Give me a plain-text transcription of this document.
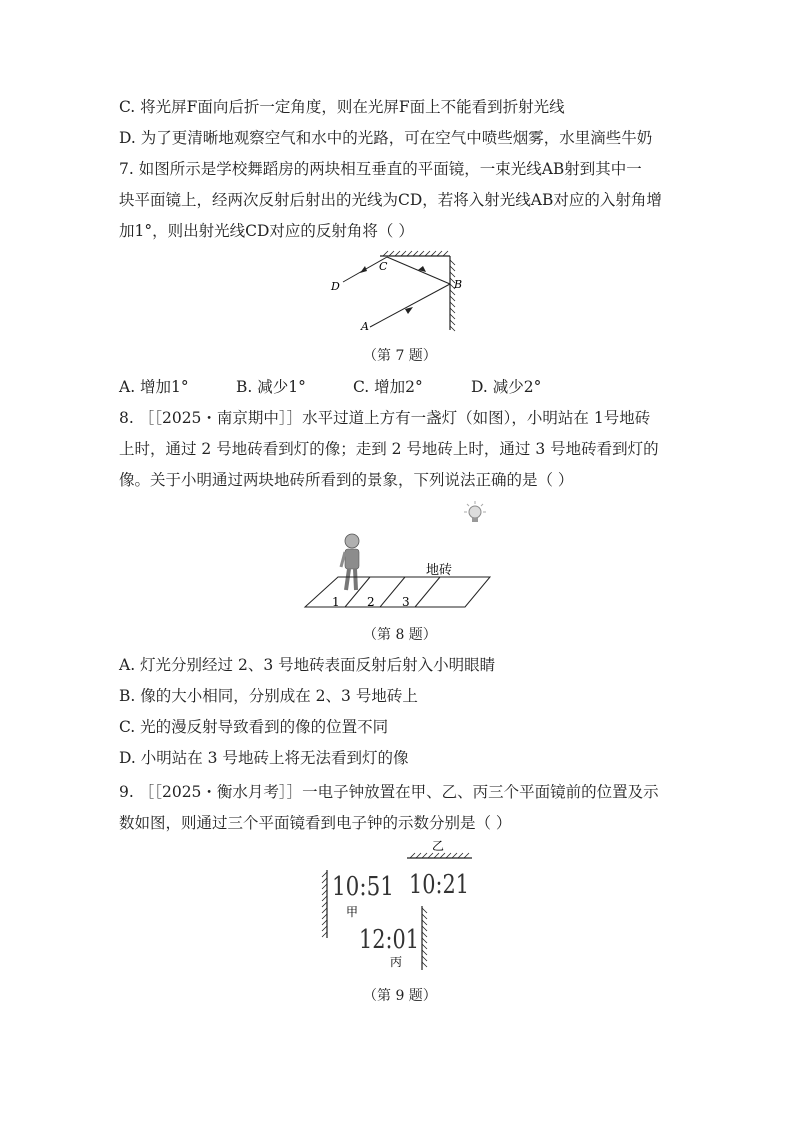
C. 将光屏F面向后折一定角度，则在光屏F面上不能看到折射光线
D. 为了更清晰地观察空气和水中的光路，可在空气中喷些烟雾，水里滴些牛奶
7. 如图所示是学校舞蹈房的两块相互垂直的平面镜，一束光线AB射到其中一
块平面镜上，经两次反射后射出的光线为CD，若将入射光线AB对应的入射角增
加1°，则出射光线CD对应的反射角将（ ）
A
B
C
D
（第 7 题）
A. 增加1°	B. 减少1°	C. 增加2°	D. 减少2°
8. ［［2025・南京期中］］水平过道上方有一盏灯（如图），小明站在 1号地砖
上时，通过 2 号地砖看到灯的像；走到 2 号地砖上时，通过 3 号地砖看到灯的
像。关于小明通过两块地砖所看到的景象，下列说法正确的是（ ）
1 2 3
地砖
（第 8 题）
A. 灯光分别经过 2、3 号地砖表面反射后射入小明眼睛
B. 像的大小相同，分别成在 2、3 号地砖上
C. 光的漫反射导致看到的像的位置不同
D. 小明站在 3 号地砖上将无法看到灯的像
9. ［［2025・衡水月考］］一电子钟放置在甲、乙、丙三个平面镜前的位置及示
数如图，则通过三个平面镜看到电子钟的示数分别是（ ）
乙
甲
丙
10:51 10:21
12:01
（第 9 题）
